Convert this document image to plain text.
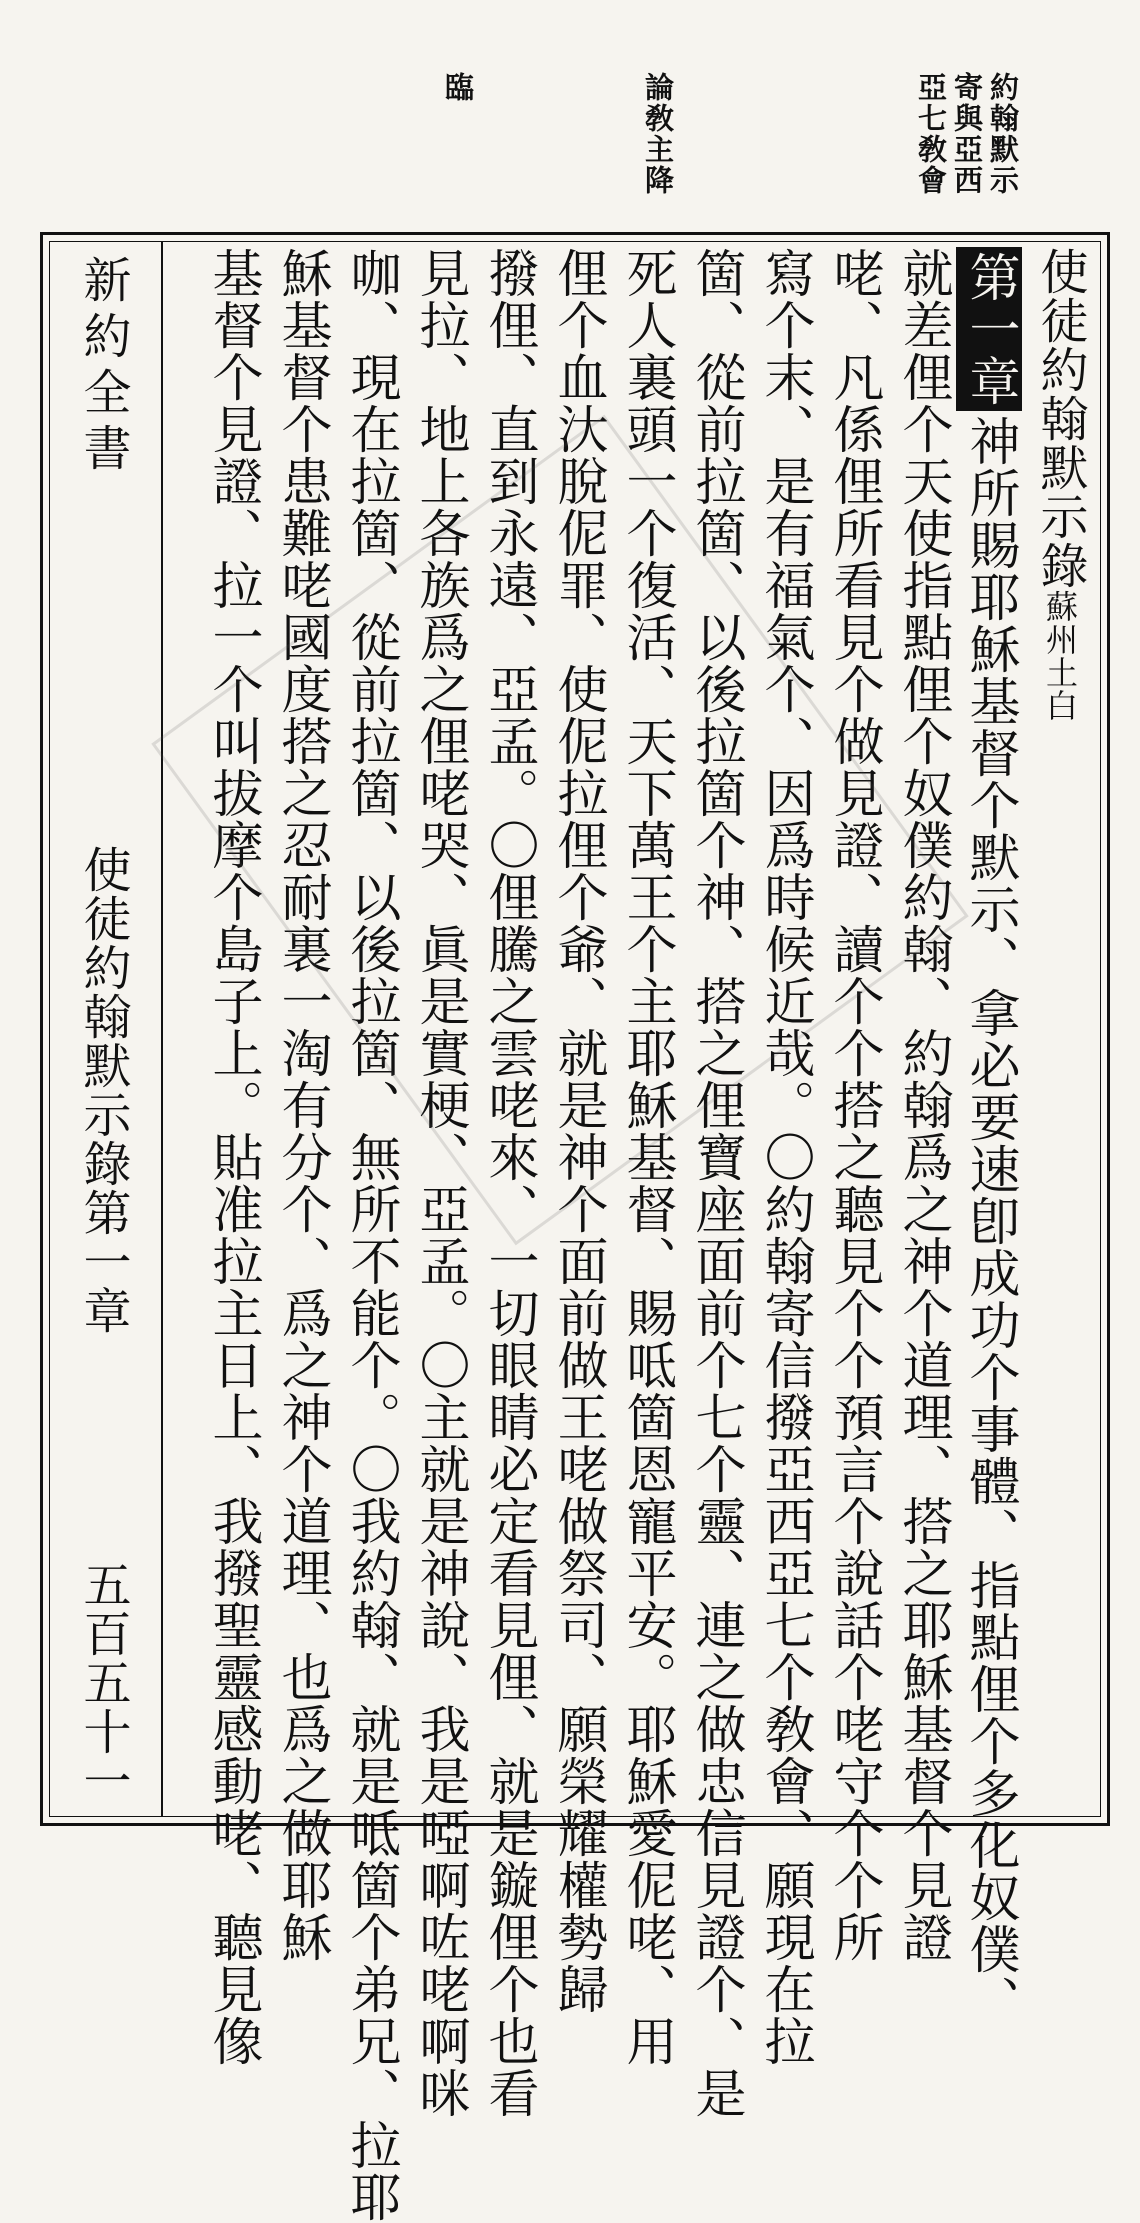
約翰默示
寄與亞西
亞七敎會
論敎主降
臨
新約全書
使徒約翰默示錄第一章
五百五十一
使徒約翰默示錄蘇州土白
第一章神所賜耶穌基督个默示、拿必要速卽成功个事體、指點俚个多化奴僕、
就差俚个天使指點俚个奴僕約翰、約翰爲之神个道理、搭之耶穌基督个見證
咾、凡係俚所看見个做見證、讀个个搭之聽見个个預言个說話个咾守个个所
寫个末、是有福氣个、因爲時候近哉。〇約翰寄信撥亞西亞七个敎會、願現在拉
箇、從前拉箇、以後拉箇个神、搭之俚寶座面前个七个靈、連之做忠信見證个、是
死人裏頭一个復活、天下萬王个主耶穌基督、賜呧箇恩寵平安。耶穌愛伲咾、用
俚个血汏脫伲罪、使伲拉俚个爺、就是神个面前做王咾做祭司、願榮耀權勢歸
撥俚、直到永遠、亞孟。〇俚騰之雲咾來、一切眼睛必定看見俚、就是鏇俚个也看
見拉、地上各族爲之俚咾哭、眞是實梗、亞孟。〇主就是神說、我是啞啊咗咾啊咪
咖、現在拉箇、從前拉箇、以後拉箇、無所不能个。〇我約翰、就是呧箇个弟兄、拉耶
穌基督个患難咾國度搭之忍耐裏一淘有分个、爲之神个道理、也爲之做耶穌
基督个見證、拉一个叫拔摩个島子上。貼准拉主日上、我撥聖靈感動咾、聽見像
